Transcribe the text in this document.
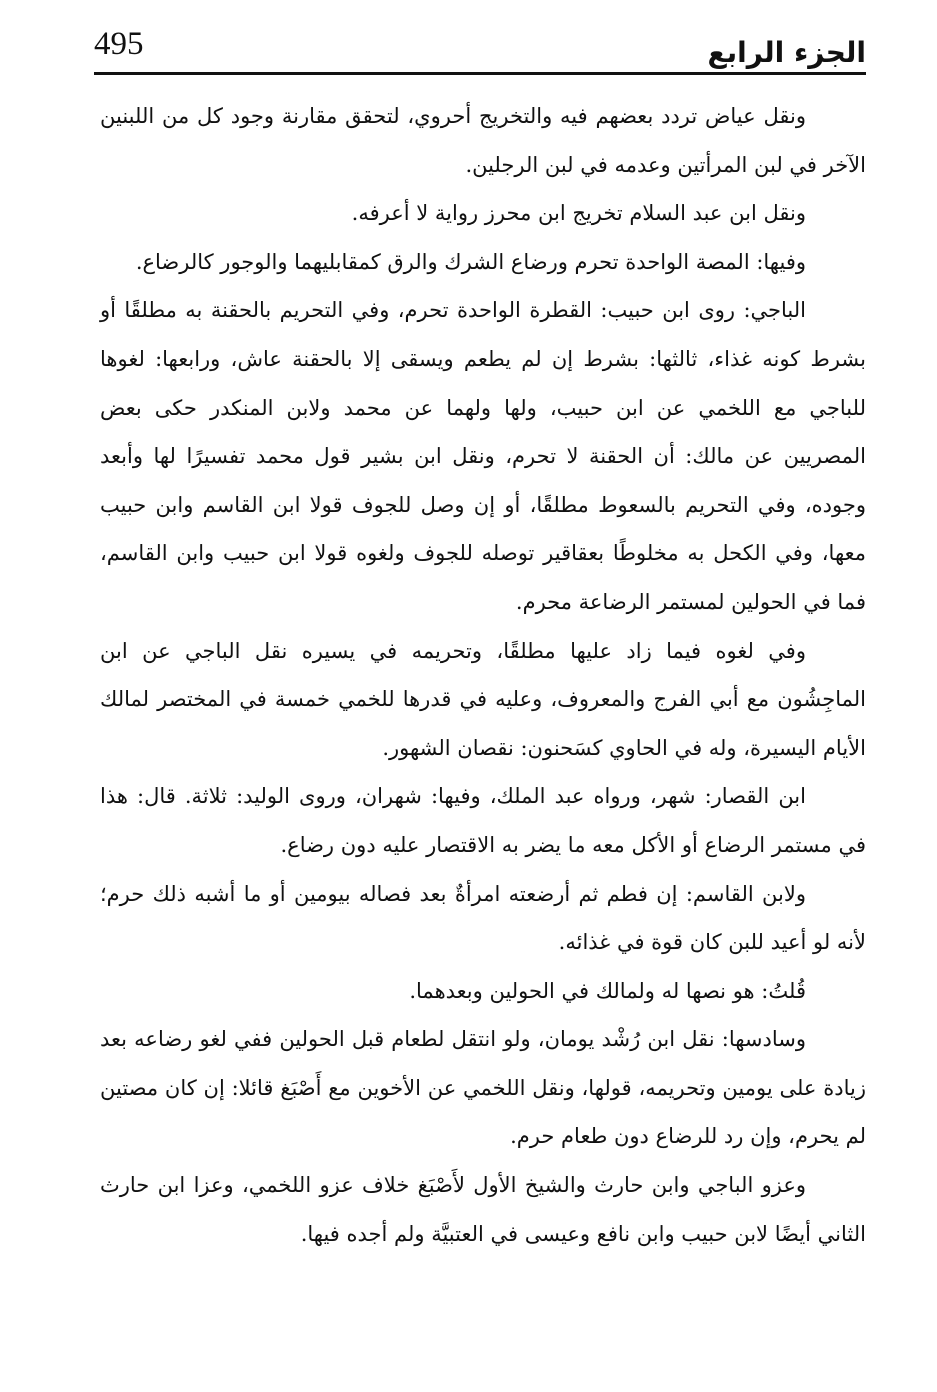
495	الجزء الرابع

ونقل عياض تردد بعضهم فيه والتخريج أحروي، لتحقق مقارنة وجود كل من اللبنين الآخر في لبن المرأتين وعدمه في لبن الرجلين.

ونقل ابن عبد السلام تخريج ابن محرز رواية لا أعرفه.

وفيها: المصة الواحدة تحرم ورضاع الشرك والرق كمقابليهما والوجور كالرضاع.

الباجي: روى ابن حبيب: القطرة الواحدة تحرم، وفي التحريم بالحقنة به مطلقًا أو بشرط كونه غذاء، ثالثها: بشرط إن لم يطعم ويسقى إلا بالحقنة عاش، ورابعها: لغوها للباجي مع اللخمي عن ابن حبيب، ولها ولهما عن محمد ولابن المنكدر حكى بعض المصريين عن مالك: أن الحقنة لا تحرم، ونقل ابن بشير قول محمد تفسيرًا لها وأبعد وجوده، وفي التحريم بالسعوط مطلقًا، أو إن وصل للجوف قولا ابن القاسم وابن حبيب معها، وفي الكحل به مخلوطًا بعقاقير توصله للجوف ولغوه قولا ابن حبيب وابن القاسم، فما في الحولين لمستمر الرضاعة محرم.

وفي لغوه فيما زاد عليها مطلقًا، وتحريمه في يسيره نقل الباجي عن ابن الماجِشُون مع أبي الفرج والمعروف، وعليه في قدرها للخمي خمسة في المختصر لمالك الأيام اليسيرة، وله في الحاوي كسَحنون: نقصان الشهور.

ابن القصار: شهر، ورواه عبد الملك، وفيها: شهران، وروى الوليد: ثلاثة. قال: هذا في مستمر الرضاع أو الأكل معه ما يضر به الاقتصار عليه دون رضاع.

ولابن القاسم: إن فطم ثم أرضعته امرأةٌ بعد فصاله بيومين أو ما أشبه ذلك حرم؛ لأنه لو أعيد للبن كان قوة في غذائه.

قُلتُ: هو نصها له ولمالك في الحولين وبعدهما.

وسادسها: نقل ابن رُشْد يومان، ولو انتقل لطعام قبل الحولين ففي لغو رضاعه بعد زيادة على يومين وتحريمه، قولها، ونقل اللخمي عن الأخوين مع أَصْبَغ قائلا: إن كان مصتين لم يحرم، وإن رد للرضاع دون طعام حرم.

وعزو الباجي وابن حارث والشيخ الأول لأَصْبَغ خلاف عزو اللخمي، وعزا ابن حارث الثاني أيضًا لابن حبيب وابن نافع وعيسى في العتبيَّة ولم أجده فيها.
